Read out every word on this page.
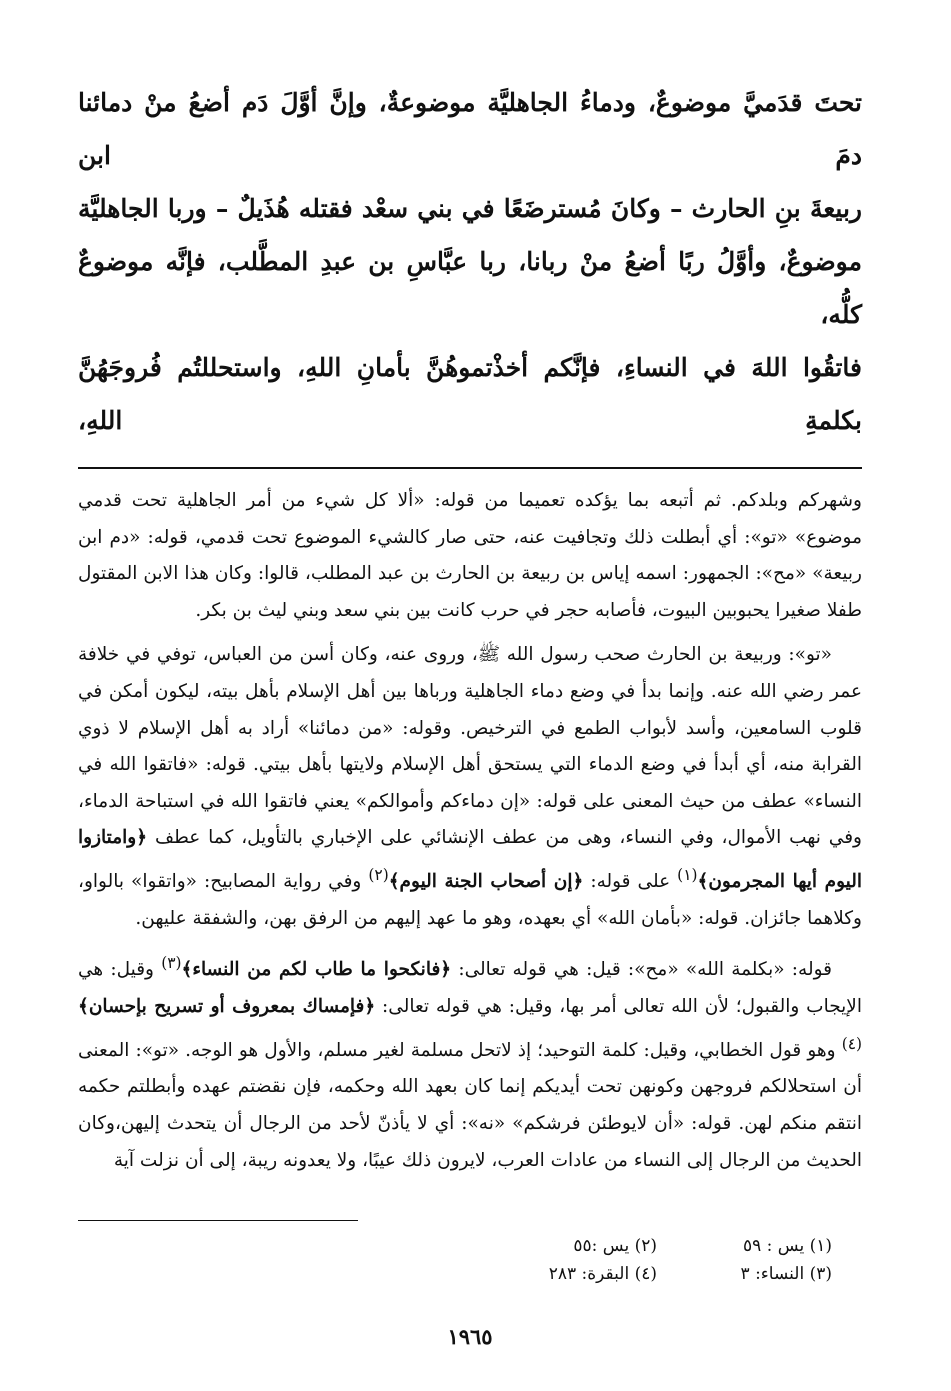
تحتَ قدَميَّ موضوعٌ، ودماءُ الجاهليَّة موضوعةٌ، وإنَّ أوَّلَ دَم أضعُ منْ دمائنا دمَ ابن
ربيعةَ بنِ الحارث – وكانَ مُسترضَعًا في بني سعْد فقتله هُذَيلٌ – وربا الجاهليَّة
موضوعٌ، وأوَّلُ ربًا أضعُ منْ ربانا، ربا عبَّاسِ بن عبدِ المطَّلب، فإنَّه موضوعٌ كلُّه،
فاتقُوا اللهَ في النساءِ، فإنَّكم أخذْتموهُنَّ بأمانِ اللهِ، واستحللتُم فُروجَهُنَّ بكلمةِ اللهِ،

وشهركم وبلدكم. ثم أتبعه بما يؤكده تعميما من قوله: «ألا كل شيء من أمر الجاهلية تحت قدمي موضوع» «تو»: أي أبطلت ذلك وتجافيت عنه، حتى صار كالشيء الموضوع تحت قدمي، قوله: «دم ابن ربيعة» «مح»: الجمهور: اسمه إياس بن ربيعة بن الحارث بن عبد المطلب، قالوا: وكان هذا الابن المقتول طفلا صغيرا يحبوبين البيوت، فأصابه حجر في حرب كانت بين بني سعد وبني ليث بن بكر.

«تو»: وربيعة بن الحارث صحب رسول الله ﷺ، وروى عنه، وكان أسن من العباس، توفي في خلافة عمر رضي الله عنه. وإنما بدأ في وضع دماء الجاهلية ورباها بين أهل الإسلام بأهل بيته، ليكون أمكن في قلوب السامعين، وأسد لأبواب الطمع في الترخيص. وقوله: «من دمائنا» أراد به أهل الإسلام لا ذوي القرابة منه، أي أبدأ في وضع الدماء التي يستحق أهل الإسلام ولايتها بأهل بيتي. قوله: «فاتقوا الله في النساء» عطف من حيث المعنى على قوله: «إن دماءكم وأموالكم» يعني فاتقوا الله في استباحة الدماء، وفي نهب الأموال، وفي النساء، وهى من عطف الإنشائي على الإخباري بالتأويل، كما عطف ﴿وامتازوا اليوم أيها المجرمون﴾$^{(١)}$ على قوله: ﴿إن أصحاب الجنة اليوم﴾$^{(٢)}$ وفي رواية المصابيح: «واتقوا» بالواو، وكلاهما جائزان. قوله: «بأمان الله» أي بعهده، وهو ما عهد إليهم من الرفق بهن، والشفقة عليهن.

قوله: «بكلمة الله» «مح»: قيل: هي قوله تعالى: ﴿فانكحوا ما طاب لكم من النساء﴾$^{(٣)}$ وقيل: هي الإيجاب والقبول؛ لأن الله تعالى أمر بها، وقيل: هي قوله تعالى: ﴿فإمساك بمعروف أو تسريح بإحسان﴾$^{(٤)}$ وهو قول الخطابي، وقيل: كلمة التوحيد؛ إذ لاتحل مسلمة لغير مسلم، والأول هو الوجه. «تو»: المعنى أن استحلالكم فروجهن وكونهن تحت أيديكم إنما كان بعهد الله وحكمه، فإن نقضتم عهده وأبطلتم حكمه انتقم منكم لهن. قوله: «أن لايوطئن فرشكم» «نه»: أي لا يأذنّ لأحد من الرجال أن يتحدث إليهن،وكان الحديث من الرجال إلى النساء من عادات العرب، لايرون ذلك عيبًا، ولا يعدونه ريبة، إلى أن نزلت آية

(١) يس : ٥٩
(٢) يس :٥٥
(٣) النساء: ٣
(٤) البقرة: ٢٨٣
١٩٦٥
